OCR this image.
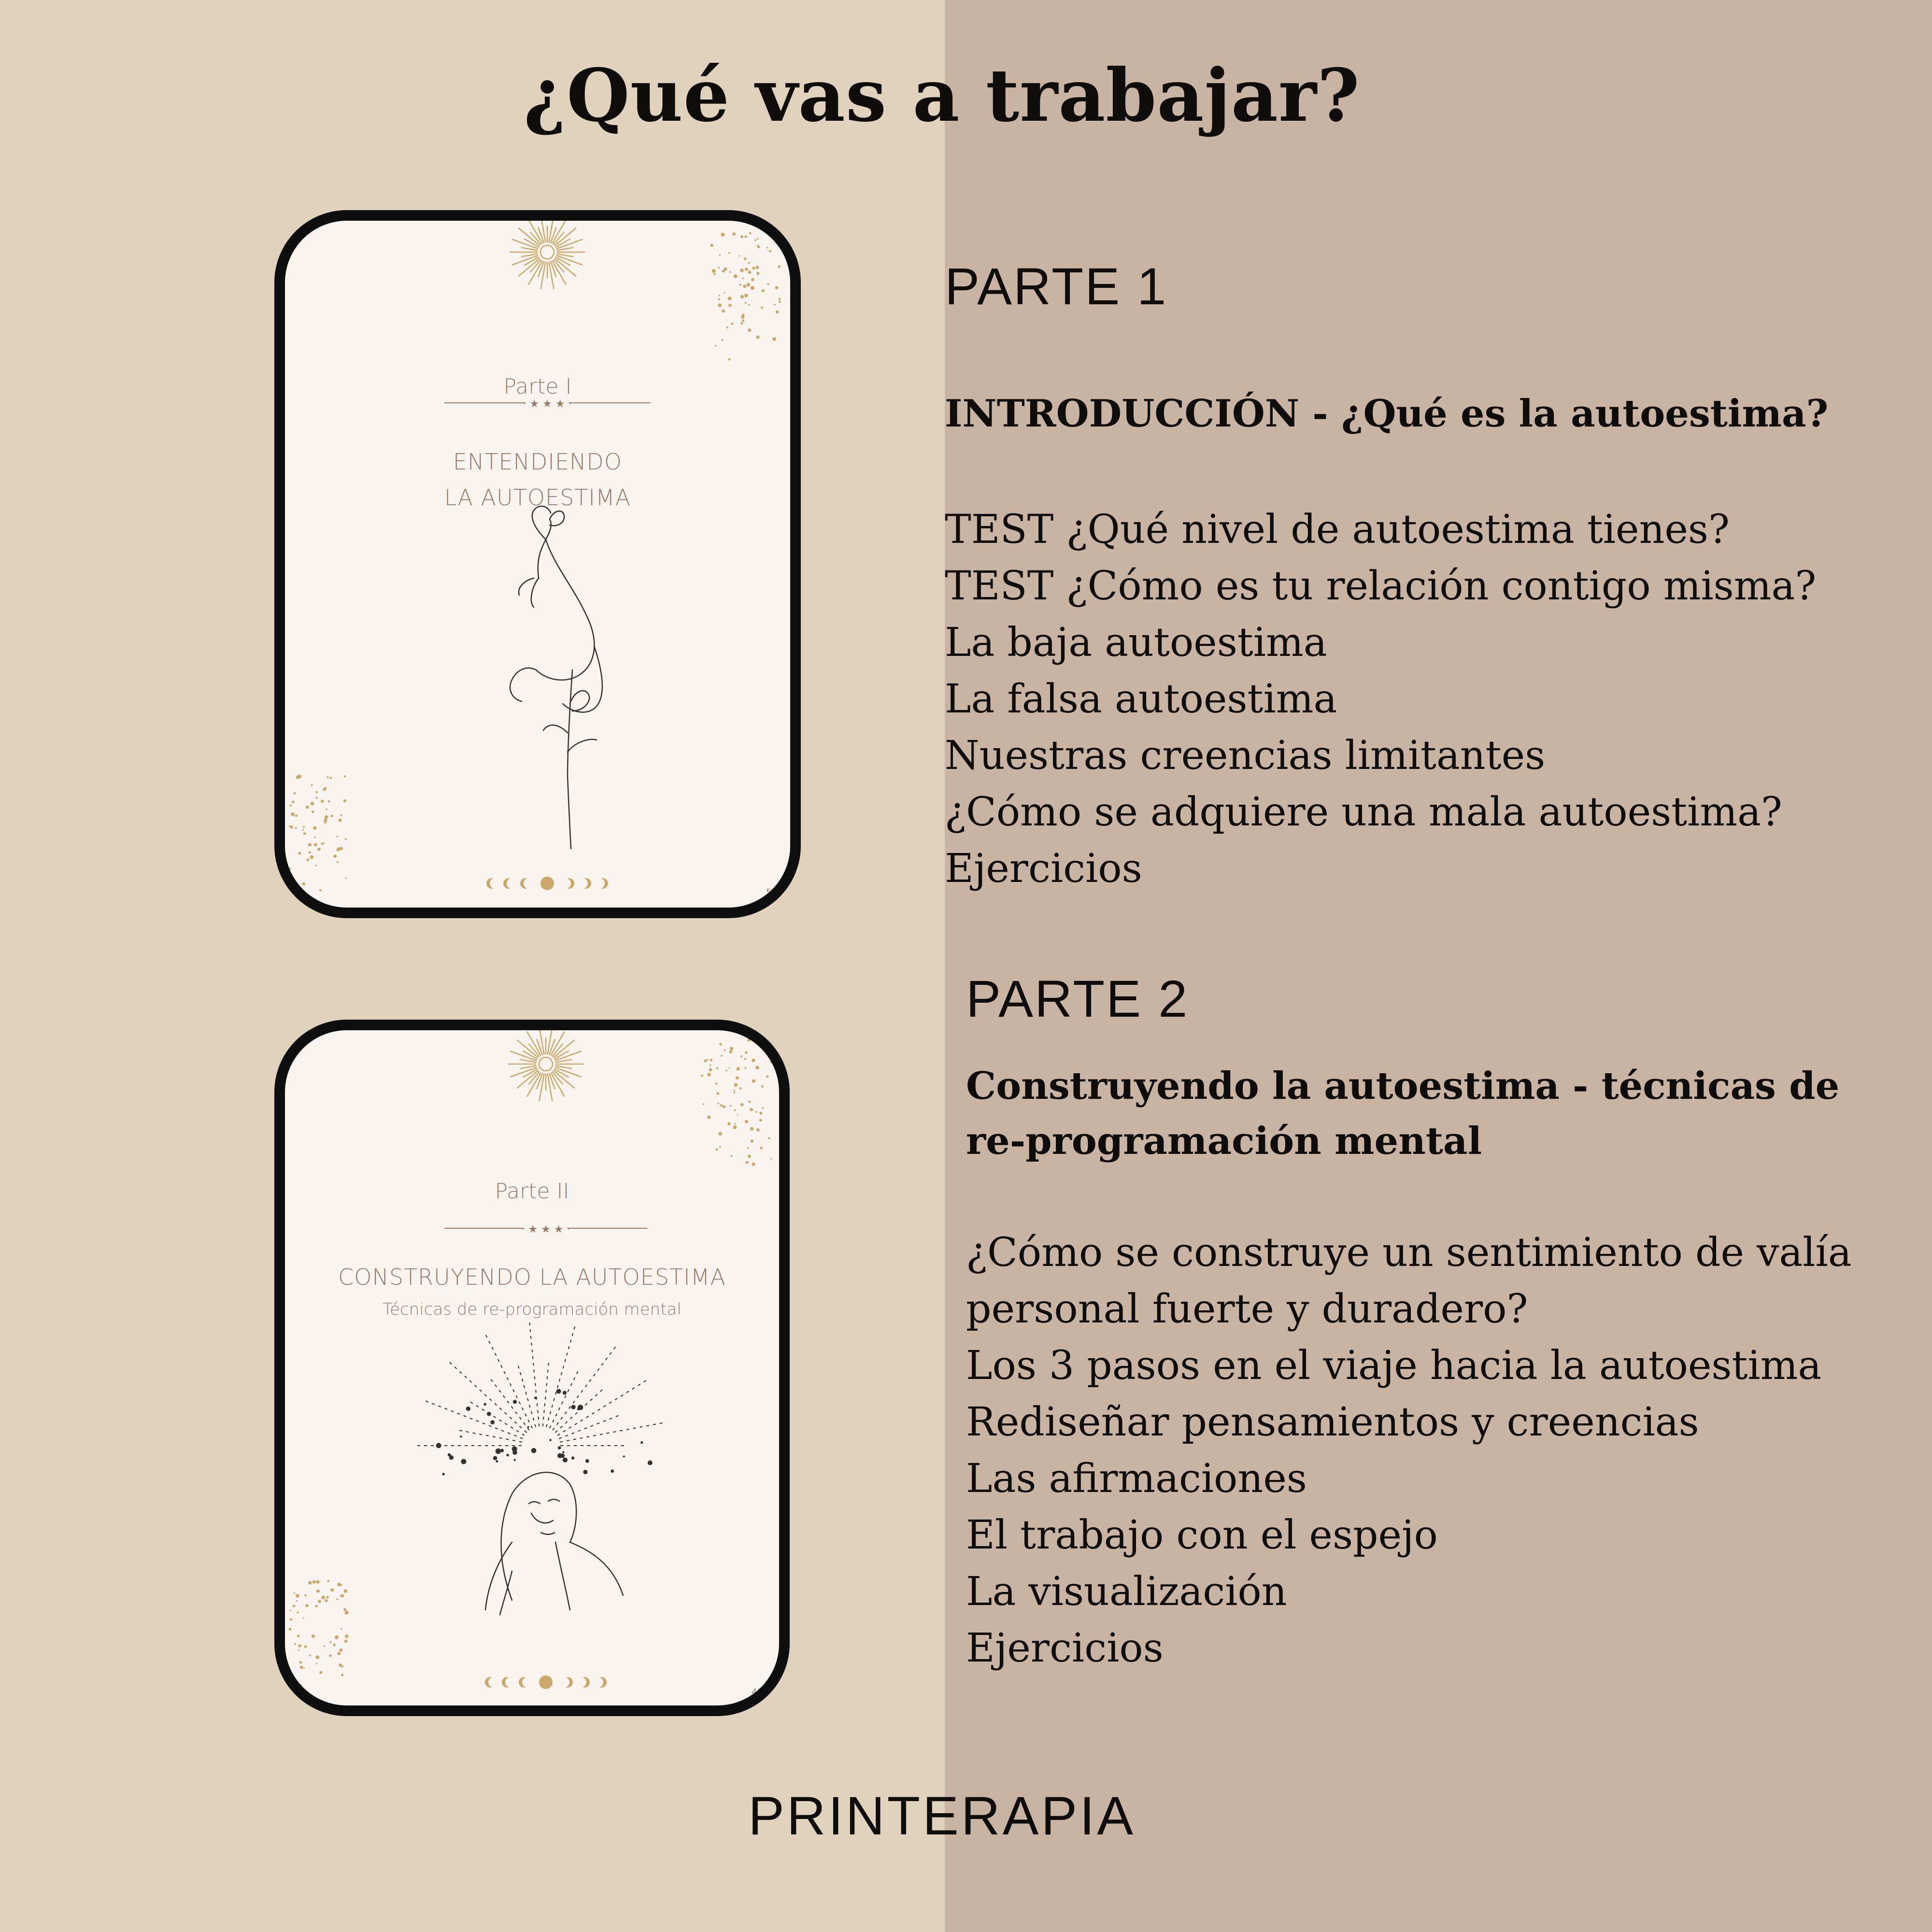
¿Qué vas a trabajar?
· ★ ★ ★ ·
Parte I
ENTENDIENDO
LA AUTOESTIMA
5
· ★ ★ ★ ·
Parte II
CONSTRUYENDO LA AUTOESTIMA
Técnicas de re-programación mental
43
PARTE 1
INTRODUCCIÓN - ¿Qué es la autoestima?
TEST ¿Qué nivel de autoestima tienes?
TEST ¿Cómo es tu relación contigo misma?
La baja autoestima
La falsa autoestima
Nuestras creencias limitantes
¿Cómo se adquiere una mala autoestima?
Ejercicios
PARTE 2
Construyendo la autoestima - técnicas de re-programación mental
¿Cómo se construye un sentimiento de valía personal fuerte y duradero?
Los 3 pasos en el viaje hacia la autoestima
Rediseñar pensamientos y creencias
Las afirmaciones
El trabajo con el espejo
La visualización
Ejercicios
PRINTERAPIA
